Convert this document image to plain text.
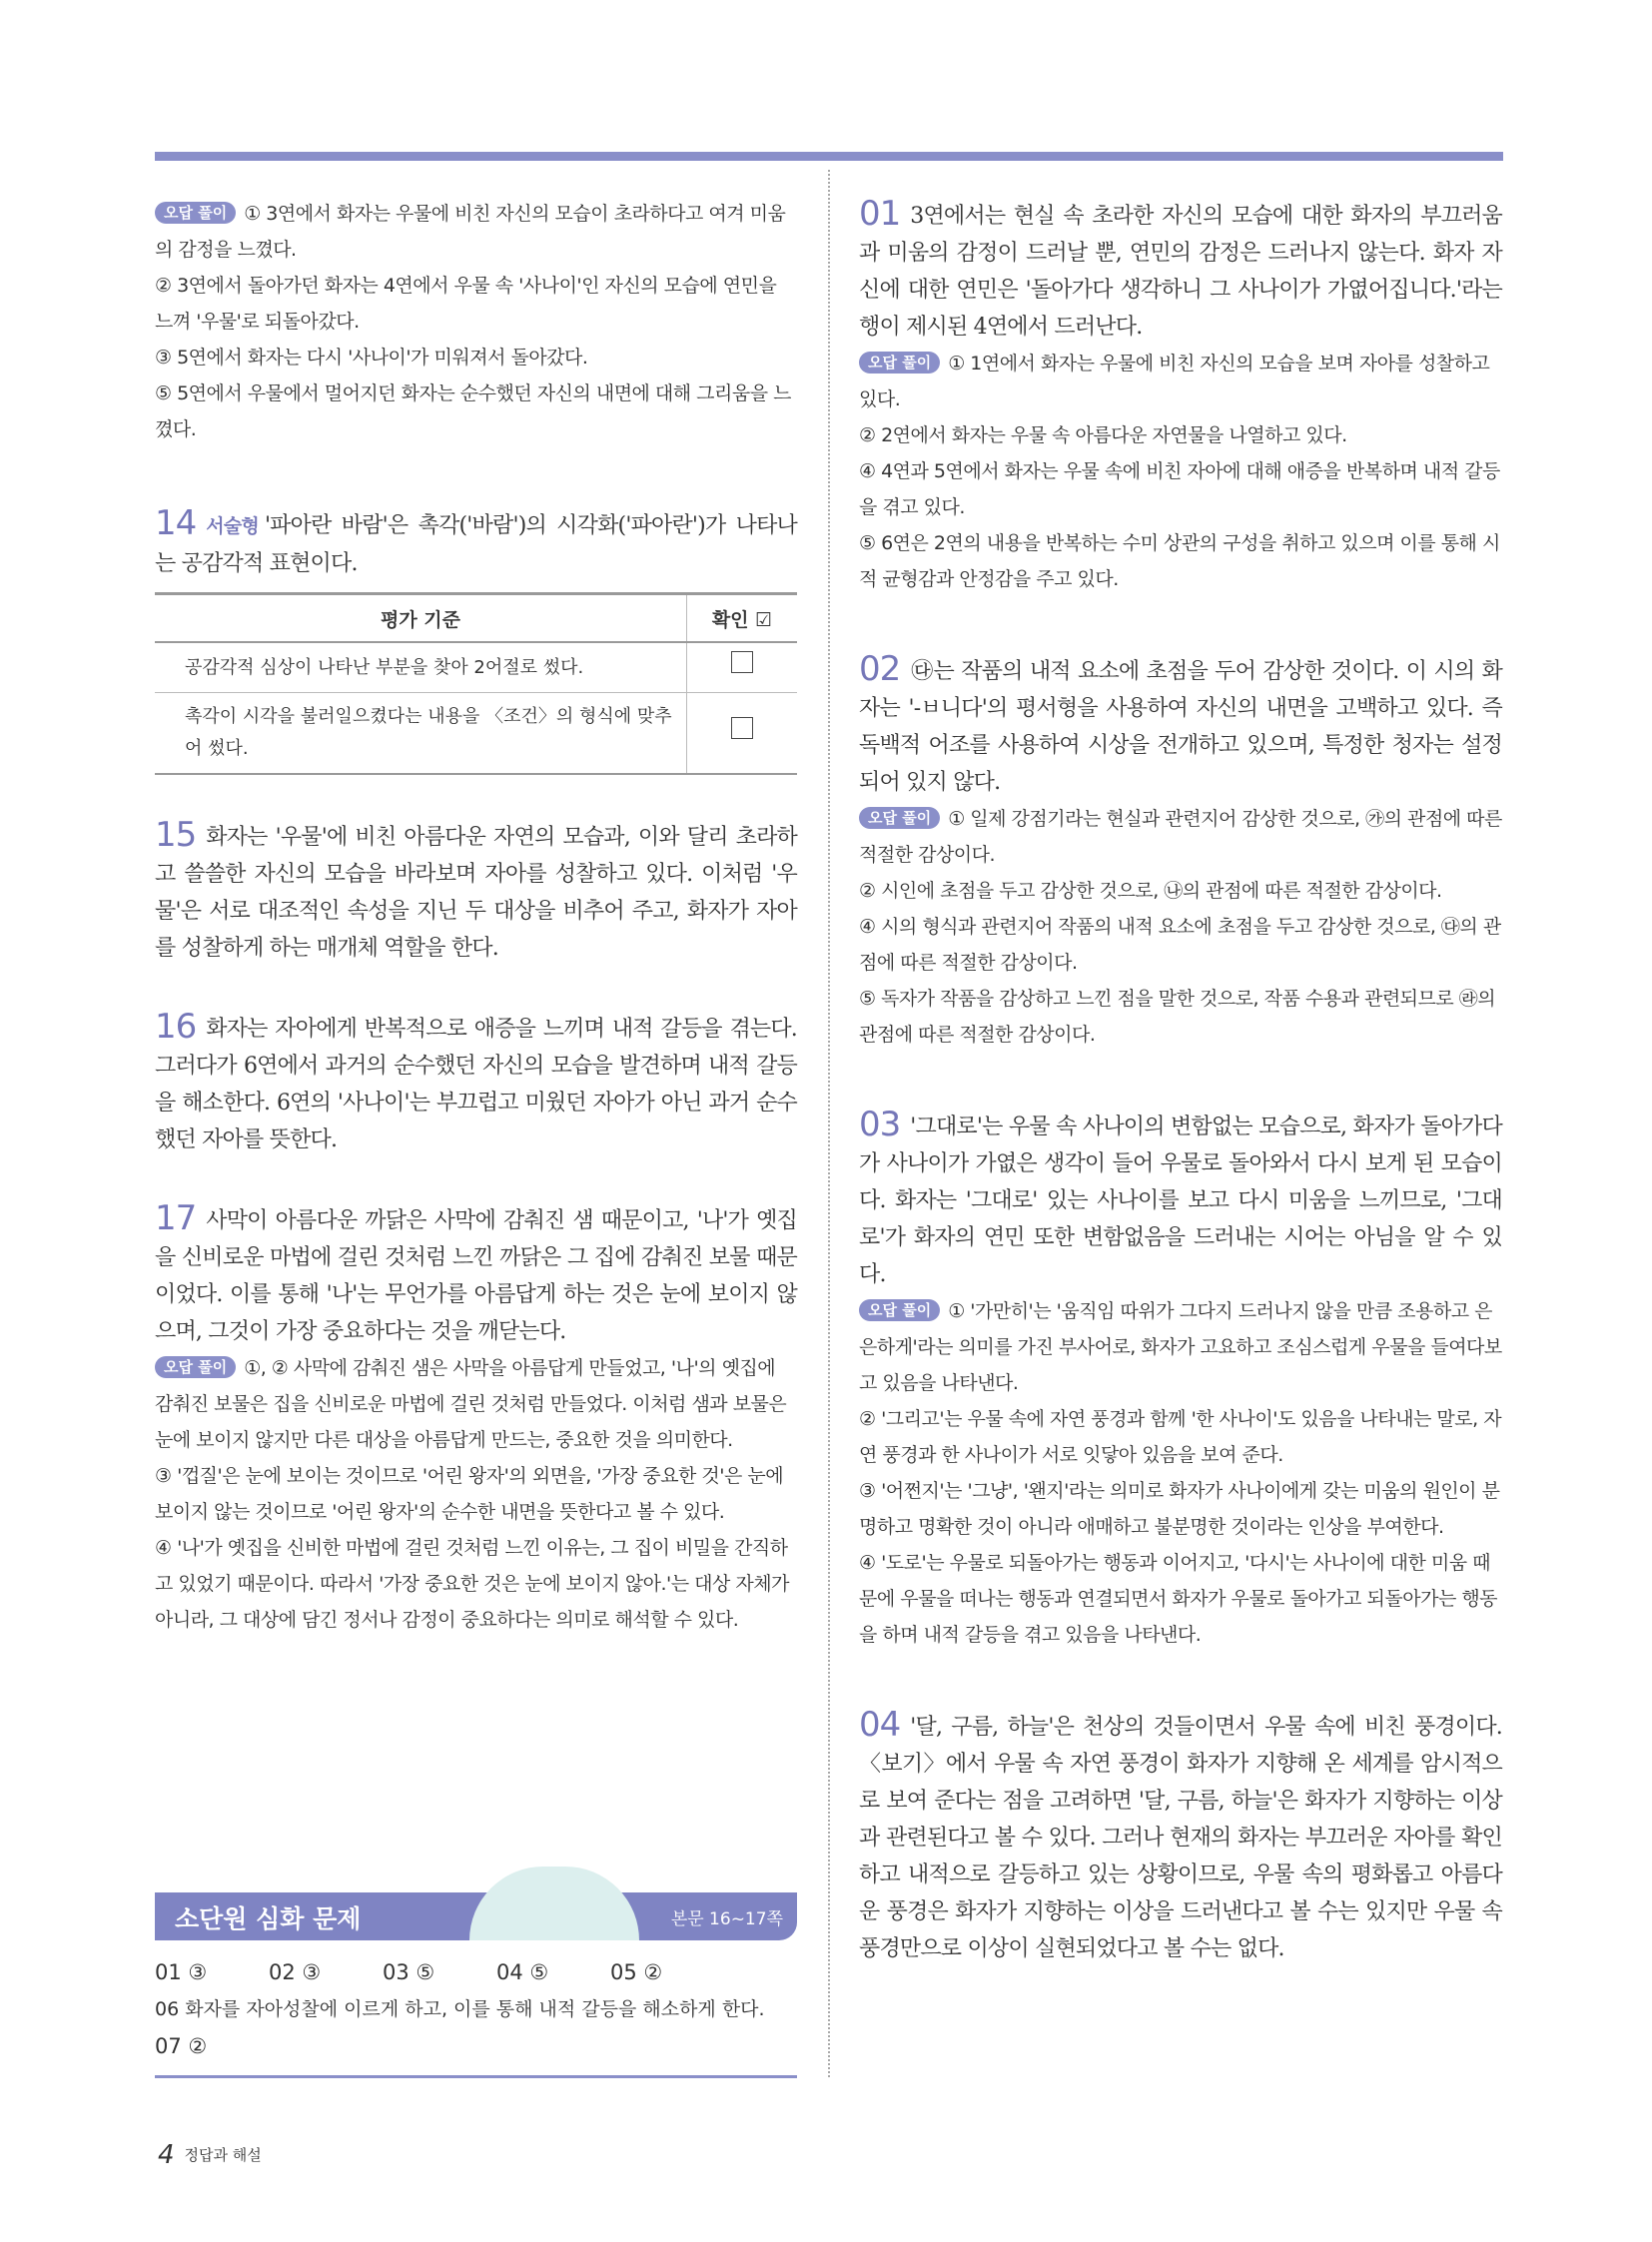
오답 풀이 ① 3연에서 화자는 우물에 비친 자신의 모습이 초라하다고 여겨 미움의 감정을 느꼈다.

② 3연에서 돌아가던 화자는 4연에서 우물 속 '사나이'인 자신의 모습에 연민을 느껴 '우물'로 되돌아갔다.

③ 5연에서 화자는 다시 '사나이'가 미워져서 돌아갔다.

⑤ 5연에서 우물에서 멀어지던 화자는 순수했던 자신의 내면에 대해 그리움을 느꼈다.

14 서술형 '파아란 바람'은 촉각('바람')의 시각화('파아란')가 나타나는 공감각적 표현이다.

평가 기준	확인 ☑
공감각적 심상이 나타난 부분을 찾아 2어절로 썼다.	
촉각이 시각을 불러일으켰다는 내용을 〈조건〉의 형식에 맞추어 썼다.	

15 화자는 '우물'에 비친 아름다운 자연의 모습과, 이와 달리 초라하고 쓸쓸한 자신의 모습을 바라보며 자아를 성찰하고 있다. 이처럼 '우물'은 서로 대조적인 속성을 지닌 두 대상을 비추어 주고, 화자가 자아를 성찰하게 하는 매개체 역할을 한다.

16 화자는 자아에게 반복적으로 애증을 느끼며 내적 갈등을 겪는다. 그러다가 6연에서 과거의 순수했던 자신의 모습을 발견하며 내적 갈등을 해소한다. 6연의 '사나이'는 부끄럽고 미웠던 자아가 아닌 과거 순수했던 자아를 뜻한다.

17 사막이 아름다운 까닭은 사막에 감춰진 샘 때문이고, '나'가 옛집을 신비로운 마법에 걸린 것처럼 느낀 까닭은 그 집에 감춰진 보물 때문이었다. 이를 통해 '나'는 무언가를 아름답게 하는 것은 눈에 보이지 않으며, 그것이 가장 중요하다는 것을 깨닫는다.

오답 풀이 ①, ② 사막에 감춰진 샘은 사막을 아름답게 만들었고, '나'의 옛집에 감춰진 보물은 집을 신비로운 마법에 걸린 것처럼 만들었다. 이처럼 샘과 보물은 눈에 보이지 않지만 다른 대상을 아름답게 만드는, 중요한 것을 의미한다.

③ '껍질'은 눈에 보이는 것이므로 '어린 왕자'의 외면을, '가장 중요한 것'은 눈에 보이지 않는 것이므로 '어린 왕자'의 순수한 내면을 뜻한다고 볼 수 있다.

④ '나'가 옛집을 신비한 마법에 걸린 것처럼 느낀 이유는, 그 집이 비밀을 간직하고 있었기 때문이다. 따라서 '가장 중요한 것은 눈에 보이지 않아.'는 대상 자체가 아니라, 그 대상에 담긴 정서나 감정이 중요하다는 의미로 해석할 수 있다.

소단원 심화 문제	본문 16~17쪽
01 ③	02 ③	03 ⑤	04 ⑤	05 ②
06 화자를 자아성찰에 이르게 하고, 이를 통해 내적 갈등을 해소하게 한다.
07 ②

01 3연에서는 현실 속 초라한 자신의 모습에 대한 화자의 부끄러움과 미움의 감정이 드러날 뿐, 연민의 감정은 드러나지 않는다. 화자 자신에 대한 연민은 '돌아가다 생각하니 그 사나이가 가엾어집니다.'라는 행이 제시된 4연에서 드러난다.

오답 풀이 ① 1연에서 화자는 우물에 비친 자신의 모습을 보며 자아를 성찰하고 있다.

② 2연에서 화자는 우물 속 아름다운 자연물을 나열하고 있다.

④ 4연과 5연에서 화자는 우물 속에 비친 자아에 대해 애증을 반복하며 내적 갈등을 겪고 있다.

⑤ 6연은 2연의 내용을 반복하는 수미 상관의 구성을 취하고 있으며 이를 통해 시적 균형감과 안정감을 주고 있다.

02 ㉰는 작품의 내적 요소에 초점을 두어 감상한 것이다. 이 시의 화자는 '-ㅂ니다'의 평서형을 사용하여 자신의 내면을 고백하고 있다. 즉 독백적 어조를 사용하여 시상을 전개하고 있으며, 특정한 청자는 설정되어 있지 않다.

오답 풀이 ① 일제 강점기라는 현실과 관련지어 감상한 것으로, ㉮의 관점에 따른 적절한 감상이다.

② 시인에 초점을 두고 감상한 것으로, ㉯의 관점에 따른 적절한 감상이다.

④ 시의 형식과 관련지어 작품의 내적 요소에 초점을 두고 감상한 것으로, ㉰의 관점에 따른 적절한 감상이다.

⑤ 독자가 작품을 감상하고 느낀 점을 말한 것으로, 작품 수용과 관련되므로 ㉱의 관점에 따른 적절한 감상이다.

03 '그대로'는 우물 속 사나이의 변함없는 모습으로, 화자가 돌아가다가 사나이가 가엾은 생각이 들어 우물로 돌아와서 다시 보게 된 모습이다. 화자는 '그대로' 있는 사나이를 보고 다시 미움을 느끼므로, '그대로'가 화자의 연민 또한 변함없음을 드러내는 시어는 아님을 알 수 있다.

오답 풀이 ① '가만히'는 '움직임 따위가 그다지 드러나지 않을 만큼 조용하고 은은하게'라는 의미를 가진 부사어로, 화자가 고요하고 조심스럽게 우물을 들여다보고 있음을 나타낸다.

② '그리고'는 우물 속에 자연 풍경과 함께 '한 사나이'도 있음을 나타내는 말로, 자연 풍경과 한 사나이가 서로 잇닿아 있음을 보여 준다.

③ '어쩐지'는 '그냥', '왠지'라는 의미로 화자가 사나이에게 갖는 미움의 원인이 분명하고 명확한 것이 아니라 애매하고 불분명한 것이라는 인상을 부여한다.

④ '도로'는 우물로 되돌아가는 행동과 이어지고, '다시'는 사나이에 대한 미움 때문에 우물을 떠나는 행동과 연결되면서 화자가 우물로 돌아가고 되돌아가는 행동을 하며 내적 갈등을 겪고 있음을 나타낸다.

04 '달, 구름, 하늘'은 천상의 것들이면서 우물 속에 비친 풍경이다. 〈보기〉에서 우물 속 자연 풍경이 화자가 지향해 온 세계를 암시적으로 보여 준다는 점을 고려하면 '달, 구름, 하늘'은 화자가 지향하는 이상과 관련된다고 볼 수 있다. 그러나 현재의 화자는 부끄러운 자아를 확인하고 내적으로 갈등하고 있는 상황이므로, 우물 속의 평화롭고 아름다운 풍경은 화자가 지향하는 이상을 드러낸다고 볼 수는 있지만 우물 속 풍경만으로 이상이 실현되었다고 볼 수는 없다.

4 정답과 해설
